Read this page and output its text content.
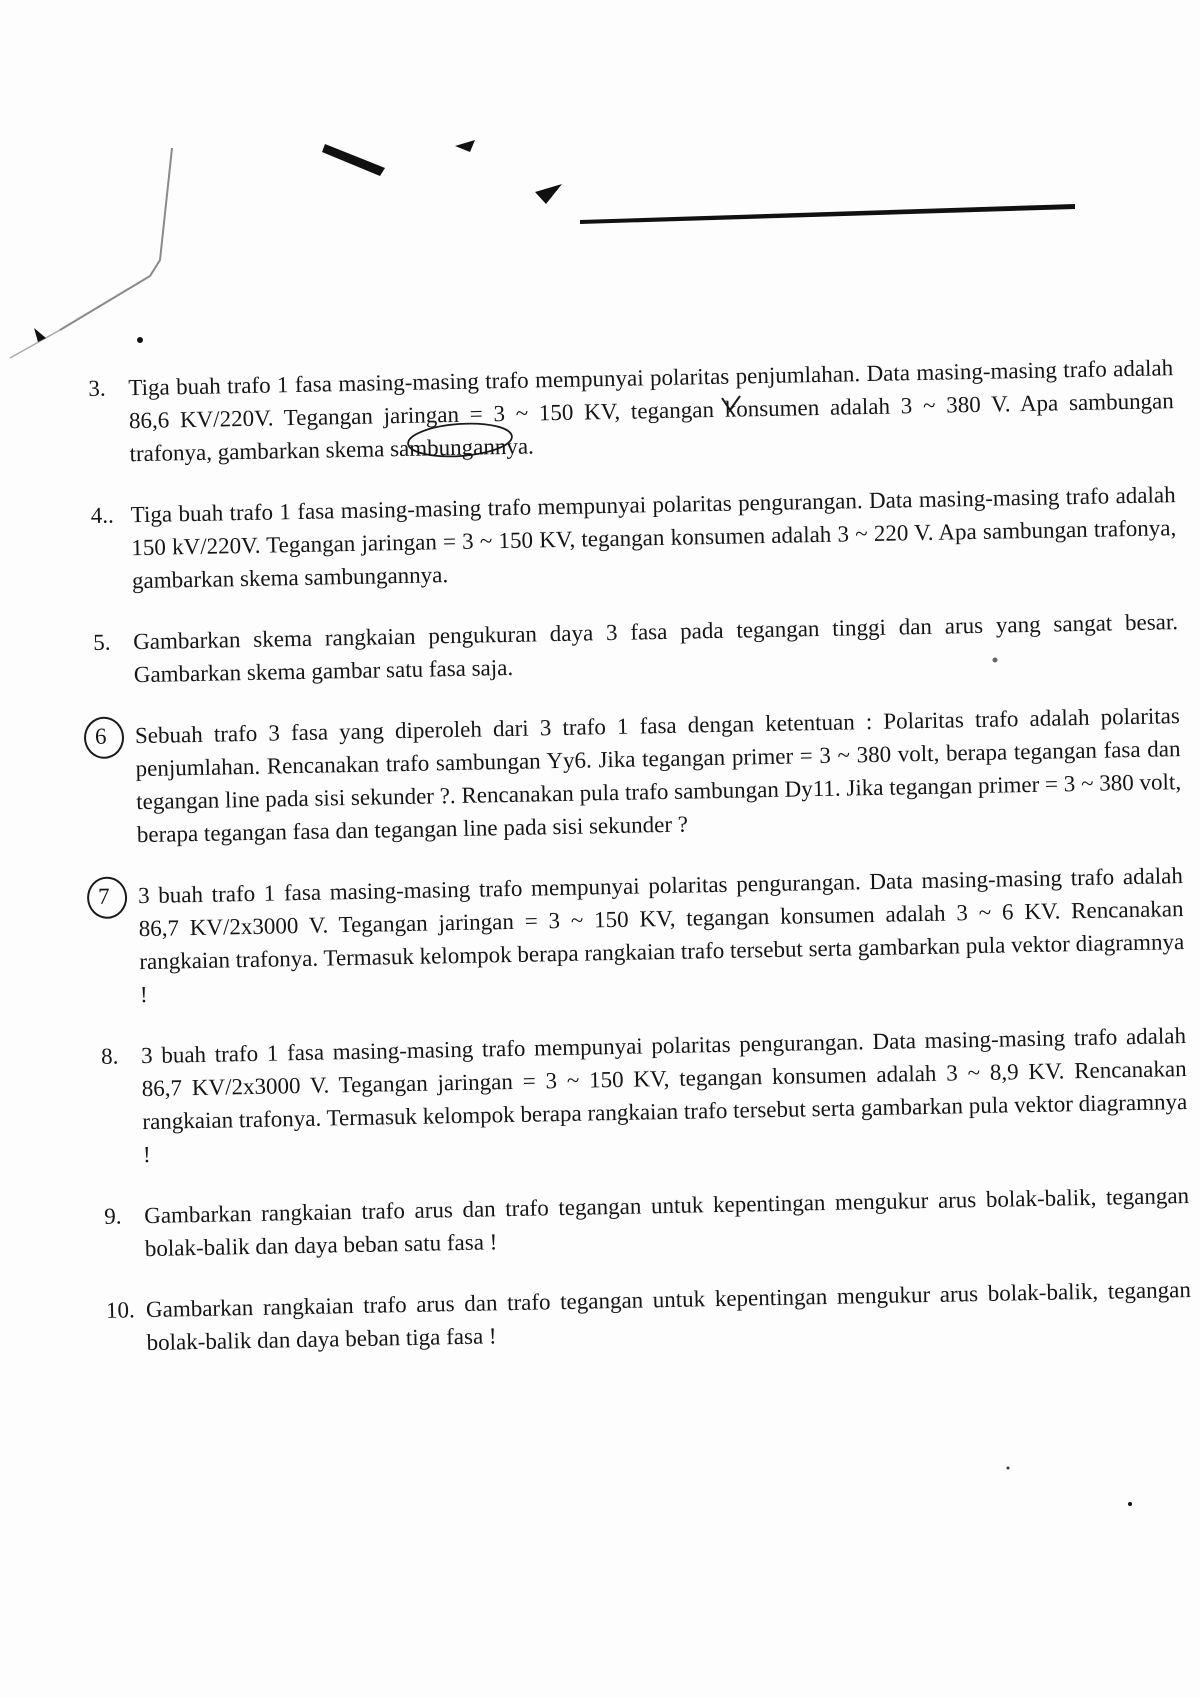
3. Tiga buah trafo 1 fasa masing-masing trafo mempunyai polaritas penjumlahan. Data masing-masing trafo adalah 86,6 KV/220V. Tegangan jaringan = 3 ~ 150 KV, tegangan konsumen adalah 3 ~ 380 V. Apa sambungan trafonya, gambarkan skema sambungannya.
4.. Tiga buah trafo 1 fasa masing-masing trafo mempunyai polaritas pengurangan. Data masing-masing trafo adalah 150 kV/220V. Tegangan jaringan = 3 ~ 150 KV, tegangan konsumen adalah 3 ~ 220 V. Apa sambungan trafonya, gambarkan skema sambungannya.
5. Gambarkan skema rangkaian pengukuran daya 3 fasa pada tegangan tinggi dan arus yang sangat besar. Gambarkan skema gambar satu fasa saja.
6	Sebuah trafo 3 fasa yang diperoleh dari 3 trafo 1 fasa dengan ketentuan : Polaritas trafo adalah polaritas penjumlahan. Rencanakan trafo sambungan Yy6. Jika tegangan primer = 3 ~ 380 volt, berapa tegangan fasa dan tegangan line pada sisi sekunder ?. Rencanakan pula trafo sambungan Dy11. Jika tegangan primer = 3 ~ 380 volt, berapa tegangan fasa dan tegangan line pada sisi sekunder ?
7	3 buah trafo 1 fasa masing-masing trafo mempunyai polaritas pengurangan. Data masing-masing trafo adalah 86,7 KV/2x3000 V. Tegangan jaringan = 3 ~ 150 KV, tegangan konsumen adalah 3 ~ 6 KV. Rencanakan rangkaian trafonya. Termasuk kelompok berapa rangkaian trafo tersebut serta gambarkan pula vektor diagramnya !
8. 3 buah trafo 1 fasa masing-masing trafo mempunyai polaritas pengurangan. Data masing-masing trafo adalah 86,7 KV/2x3000 V. Tegangan jaringan = 3 ~ 150 KV, tegangan konsumen adalah 3 ~ 8,9 KV. Rencanakan rangkaian trafonya. Termasuk kelompok berapa rangkaian trafo tersebut serta gambarkan pula vektor diagramnya !
9. Gambarkan rangkaian trafo arus dan trafo tegangan untuk kepentingan mengukur arus bolak-balik, tegangan bolak-balik dan daya beban satu fasa !
10. Gambarkan rangkaian trafo arus dan trafo tegangan untuk kepentingan mengukur arus bolak-balik, tegangan bolak-balik dan daya beban tiga fasa !
